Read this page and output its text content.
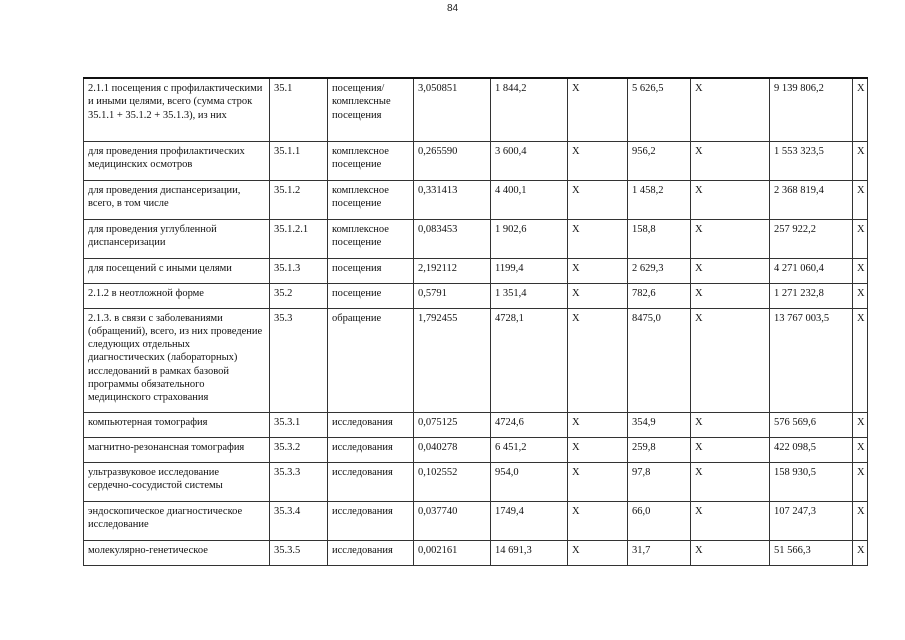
84
2.1.1 посещения с профилактическими и иными целями, всего (сумма строк 35.1.1 + 35.1.2 + 35.1.3), из них	35.1	посещения/комплексные посещения	3,050851	1 844,2	X	5 626,5	X	9 139 806,2	X
для проведения профилактических медицинских осмотров	35.1.1	комплексное посещение	0,265590	3 600,4	X	956,2	X	1 553 323,5	X
для проведения диспансеризации, всего, в том числе	35.1.2	комплексное посещение	0,331413	4 400,1	X	1 458,2	X	2 368 819,4	X
для проведения углубленной диспансеризации	35.1.2.1	комплексное посещение	0,083453	1 902,6	X	158,8	X	257 922,2	X
для посещений с иными целями	35.1.3	посещения	2,192112	1199,4	X	2 629,3	X	4 271 060,4	X
2.1.2 в неотложной форме	35.2	посещение	0,5791	1 351,4	X	782,6	X	1 271 232,8	X
2.1.3. в связи с заболеваниями (обращений), всего, из них проведение следующих отдельных диагностических (лабораторных) исследований в рамках базовой программы обязательного медицинского страхования	35.3	обращение	1,792455	4728,1	X	8475,0	X	13 767 003,5	X
компьютерная томография	35.3.1	исследования	0,075125	4724,6	X	354,9	X	576 569,6	X
магнитно-резонансная томография	35.3.2	исследования	0,040278	6 451,2	X	259,8	X	422 098,5	X
ультразвуковое исследование сердечно-сосудистой системы	35.3.3	исследования	0,102552	954,0	X	97,8	X	158 930,5	X
эндоскопическое диагностическое исследование	35.3.4	исследования	0,037740	1749,4	X	66,0	X	107 247,3	X
молекулярно-генетическое	35.3.5	исследования	0,002161	14 691,3	X	31,7	X	51 566,3	X
